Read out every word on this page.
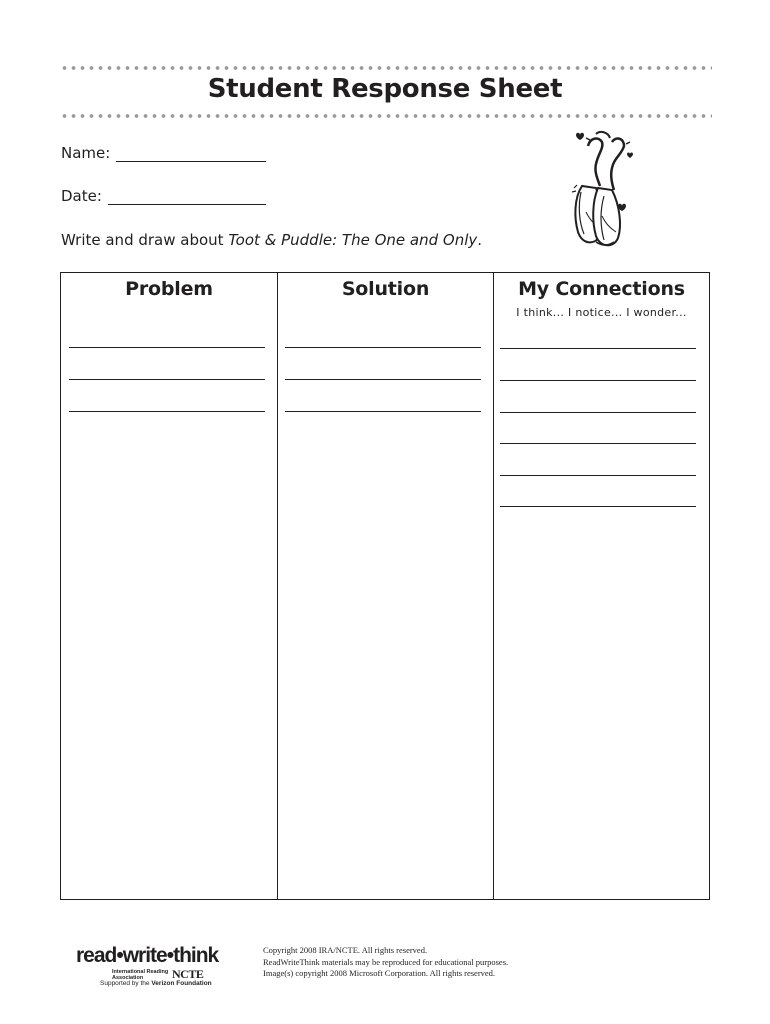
Student Response Sheet
Name:
Date:
Write and draw about Toot & Puddle: The One and Only.
Problem	Solution	My Connections
I think... I notice... I wonder...
read•write•think
International Reading Association	NCTE
Supported by the Verizon Foundation
Copyright 2008 IRA/NCTE. All rights reserved.
ReadWriteThink materials may be reproduced for educational purposes.
Image(s) copyright 2008 Microsoft Corporation. All rights reserved.
